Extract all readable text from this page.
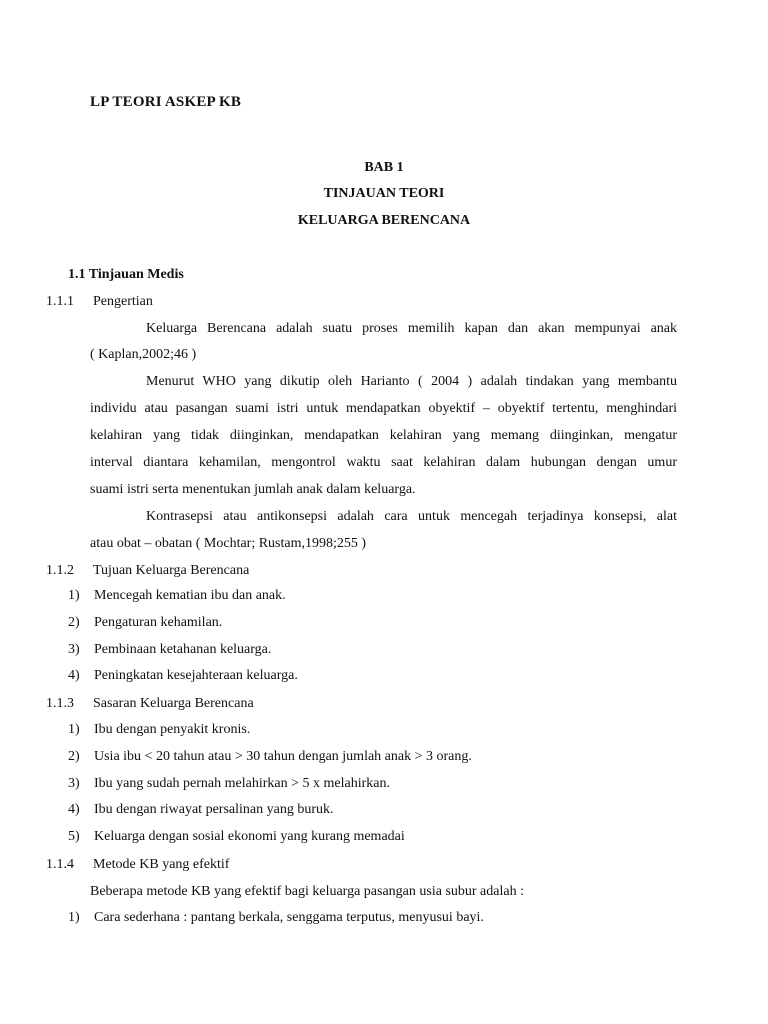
LP TEORI ASKEP KB
BAB 1
TINJAUAN TEORI
KELUARGA BERENCANA
1.1 Tinjauan Medis
1.1.1 Pengertian
Keluarga Berencana adalah suatu proses memilih kapan dan akan mempunyai anak
( Kaplan,2002;46 )
Menurut WHO yang dikutip oleh Harianto ( 2004 ) adalah tindakan yang membantu
individu atau pasangan suami istri untuk mendapatkan obyektif – obyektif tertentu, menghindari
kelahiran yang tidak diinginkan, mendapatkan kelahiran yang memang diinginkan, mengatur
interval diantara kehamilan, mengontrol waktu saat kelahiran dalam hubungan dengan umur
suami istri serta menentukan jumlah anak dalam keluarga.
Kontrasepsi atau antikonsepsi adalah cara untuk mencegah terjadinya konsepsi, alat
atau obat – obatan ( Mochtar; Rustam,1998;255 )
1.1.2 Tujuan Keluarga Berencana
1) Mencegah kematian ibu dan anak.
2) Pengaturan kehamilan.
3) Pembinaan ketahanan keluarga.
4) Peningkatan kesejahteraan keluarga.
1.1.3 Sasaran Keluarga Berencana
1) Ibu dengan penyakit kronis.
2) Usia ibu < 20 tahun atau > 30 tahun dengan jumlah anak > 3 orang.
3) Ibu yang sudah pernah melahirkan > 5 x melahirkan.
4) Ibu dengan riwayat persalinan yang buruk.
5) Keluarga dengan sosial ekonomi yang kurang memadai
1.1.4 Metode KB yang efektif
Beberapa metode KB yang efektif bagi keluarga pasangan usia subur adalah :
1) Cara sederhana : pantang berkala, senggama terputus, menyusui bayi.
